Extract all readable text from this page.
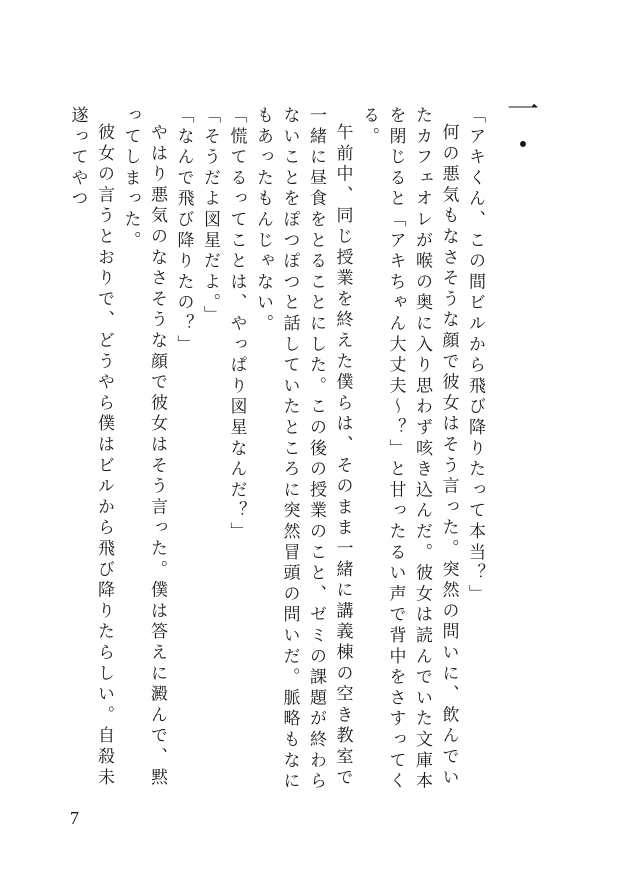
一・

「アキくん、この間ビルから飛び降りたって本当？」

何の悪気もなさそうな顔で彼女はそう言った。突然の問いに、飲んでいたカフェオレが喉の奥に入り思わず咳き込んだ。彼女は読んでいた文庫本を閉じると「アキちゃん大丈夫〜？」と甘ったるい声で背中をさすってくる。

午前中、同じ授業を終えた僕らは、そのまま一緒に講義棟の空き教室で一緒に昼食をとることにした。この後の授業のこと、ゼミの課題が終わらないことをぽつぽつと話していたところに突然冒頭の問いだ。脈略もなにもあったもんじゃない。

「慌てるってことは、やっぱり図星なんだ？」

「そうだよ図星だよ。」

「なんで飛び降りたの？」

やはり悪気のなさそうな顔で彼女はそう言った。僕は答えに澱んで、黙ってしまった。

彼女の言うとおりで、どうやら僕はビルから飛び降りたらしい。自殺未遂ってやつ

7
